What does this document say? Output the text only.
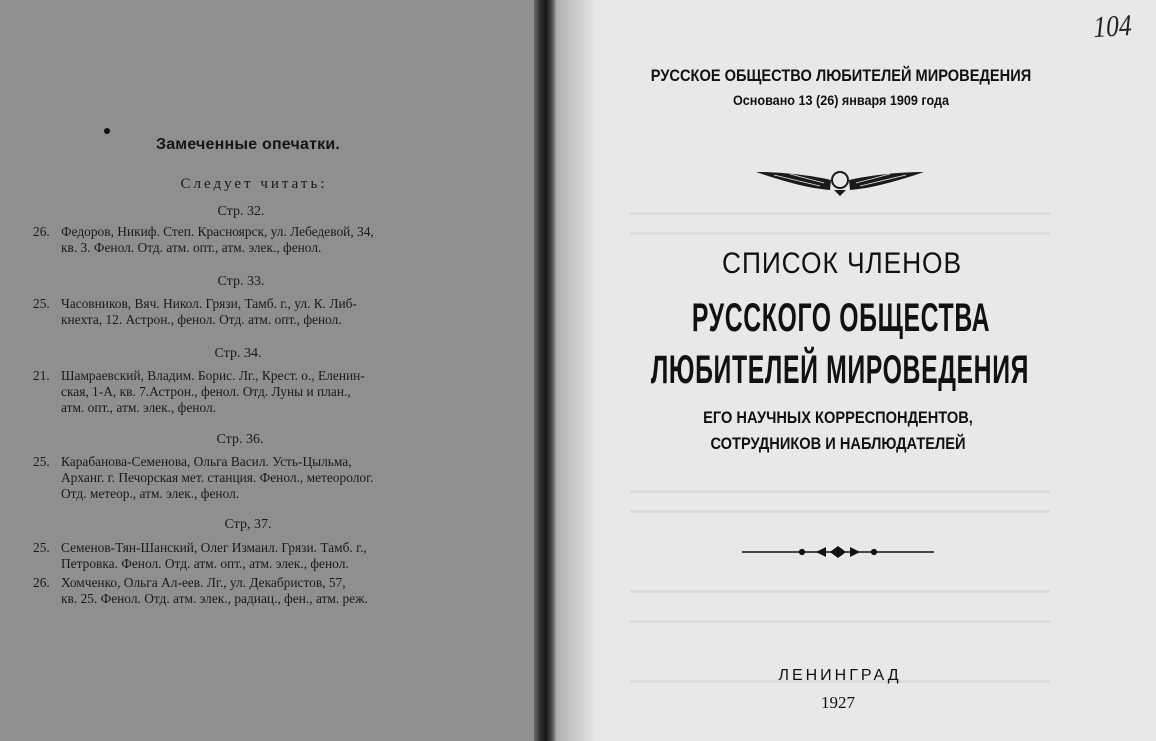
Замеченные опечатки.
Следует читать:
Стр. 32.
26. Федоров, Никиф. Степ. Красноярск, ул. Лебедевой, 34,
кв. 3. Фенол. Отд. атм. опт., атм. элек., фенол.
Стр. 33.
25. Часовников, Вяч. Никол. Грязи, Тамб. г., ул. К. Либ-
кнехта, 12. Астрон., фенол. Отд. атм. опт., фенол.
Стр. 34.
21. Шамраевский, Владим. Борис. Лг., Крест. о., Еленин-
ская, 1-А, кв. 7.Астрон., фенол. Отд. Луны и план.,
атм. опт., атм. элек., фенол.
Стр. 36.
25. Карабанова-Семенова, Ольга Васил. Усть-Цыльма,
Арханг. г. Печорская мет. станция. Фенол., метеоролог.
Отд. метеор., атм. элек., фенол.
Стр, 37.
25. Семенов-Тян-Шанский, Олег Измаил. Грязи. Тамб. г.,
Петровка. Фенол. Отд. атм. опт., атм. элек., фенол.
26. Хомченко, Ольга Ал-еев. Лг., ул. Декабристов, 57,
кв. 25. Фенол. Отд. атм. элек., радиац., фен., атм. реж.
104
РУССКОЕ ОБЩЕСТВО ЛЮБИТЕЛЕЙ МИРОВЕДЕНИЯ
Основано 13 (26) января 1909 года
СПИСОК ЧЛЕНОВ
РУССКОГО ОБЩЕСТВА
ЛЮБИТЕЛЕЙ МИРОВЕДЕНИЯ
ЕГО НАУЧНЫХ КОРРЕСПОНДЕНТОВ,
СОТРУДНИКОВ И НАБЛЮДАТЕЛЕЙ
ЛЕНИНГРАД
1927
